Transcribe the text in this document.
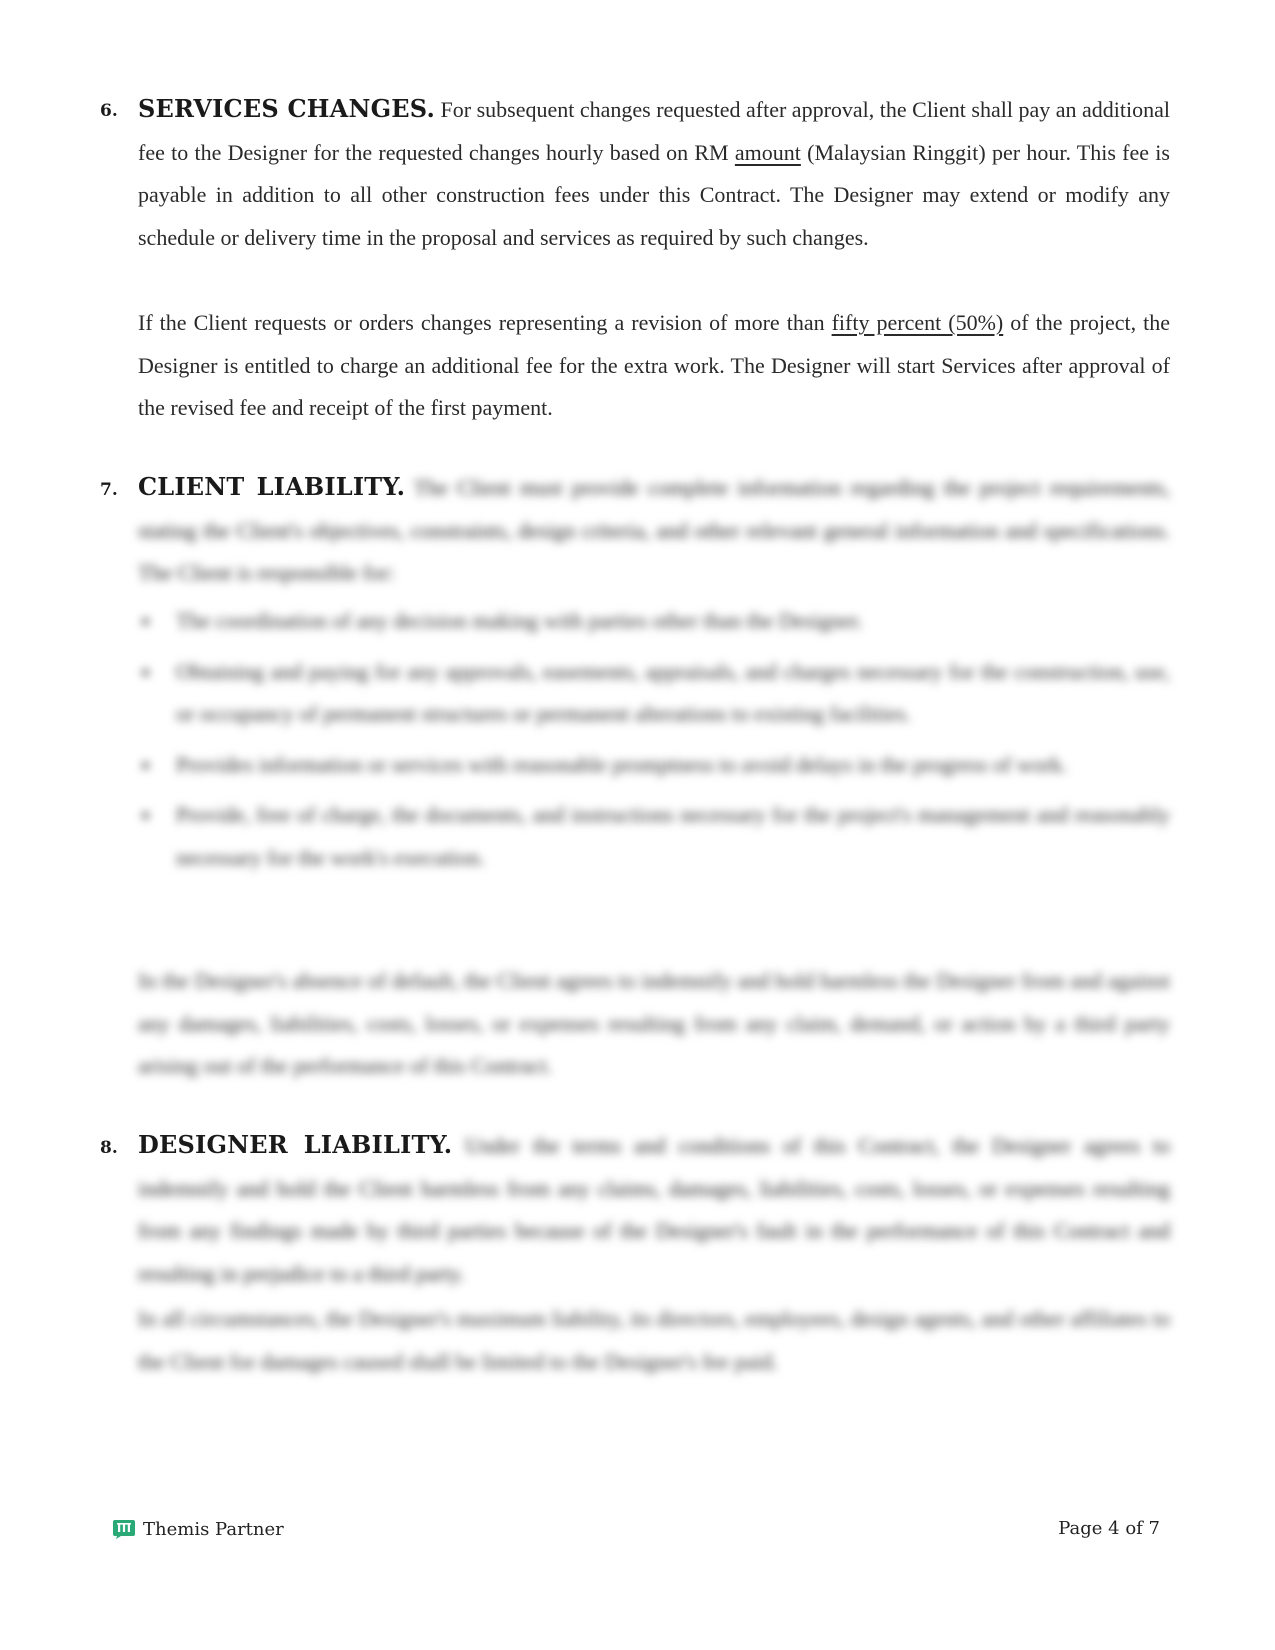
6. SERVICES CHANGES. For subsequent changes requested after approval, the Client shall pay an additional fee to the Designer for the requested changes hourly based on RM amount (Malaysian Ringgit) per hour. This fee is payable in addition to all other construction fees under this Contract. The Designer may extend or modify any schedule or delivery time in the proposal and services as required by such changes.

If the Client requests or orders changes representing a revision of more than fifty percent (50%) of the project, the Designer is entitled to charge an additional fee for the extra work. The Designer will start Services after approval of the revised fee and receipt of the first payment.

7. CLIENT LIABILITY. The Client must provide complete information regarding the project requirements, stating the Client's objectives, constraints, design criteria, and other relevant general information and specifications. The Client is responsible for:

The coordination of any decision making with parties other than the Designer.
Obtaining and paying for any approvals, easements, appraisals, and charges necessary for the construction, use, or occupancy of permanent structures or permanent alterations to existing facilities.
Provides information or services with reasonable promptness to avoid delays in the progress of work.
Provide, free of charge, the documents, and instructions necessary for the project's management and reasonably necessary for the work's execution.

In the Designer's absence of default, the Client agrees to indemnify and hold harmless the Designer from and against any damages, liabilities, costs, losses, or expenses resulting from any claim, demand, or action by a third party arising out of the performance of this Contract.

8. DESIGNER LIABILITY. Under the terms and conditions of this Contract, the Designer agrees to indemnify and hold the Client harmless from any claims, damages, liabilities, costs, losses, or expenses resulting from any findings made by third parties because of the Designer's fault in the performance of this Contract and resulting in prejudice to a third party.

In all circumstances, the Designer's maximum liability, its directors, employees, design agents, and other affiliates to the Client for damages caused shall be limited to the Designer's fee paid.

Themis Partner	Page 4 of 7
